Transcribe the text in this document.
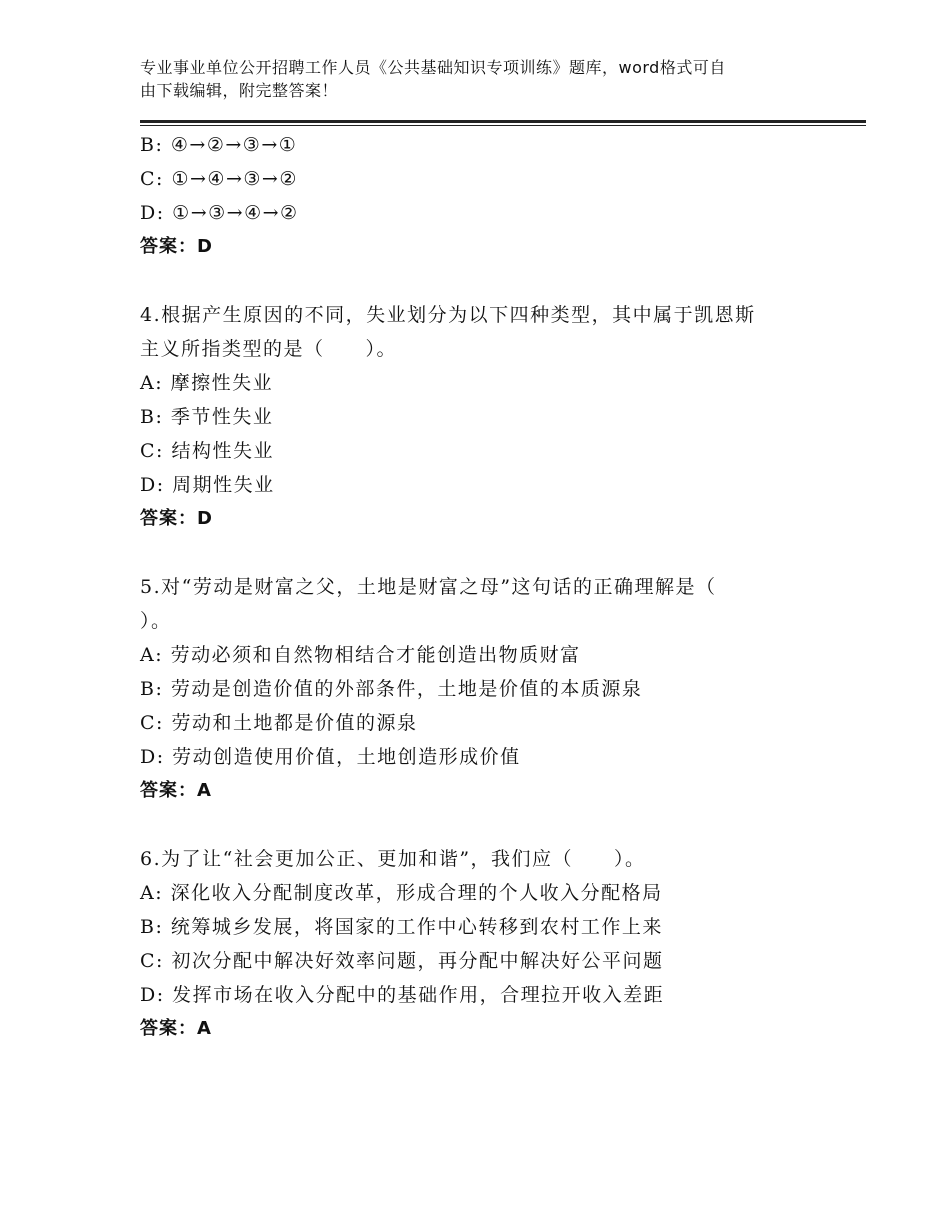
专业事业单位公开招聘工作人员《公共基础知识专项训练》题库，word格式可自
由下载编辑，附完整答案！
B: ④→②→③→①
C: ①→④→③→②
D: ①→③→④→②
答案：D
4.根据产生原因的不同，失业划分为以下四种类型，其中属于凯恩斯
主义所指类型的是（　　）。
A: 摩擦性失业
B: 季节性失业
C: 结构性失业
D: 周期性失业
答案：D
5.对“劳动是财富之父，土地是财富之母”这句话的正确理解是（
）。
A: 劳动必须和自然物相结合才能创造出物质财富
B: 劳动是创造价值的外部条件，土地是价值的本质源泉
C: 劳动和土地都是价值的源泉
D: 劳动创造使用价值，土地创造形成价值
答案：A
6.为了让“社会更加公正、更加和谐”，我们应（　　）。
A: 深化收入分配制度改革，形成合理的个人收入分配格局
B: 统筹城乡发展，将国家的工作中心转移到农村工作上来
C: 初次分配中解决好效率问题，再分配中解决好公平问题
D: 发挥市场在收入分配中的基础作用，合理拉开收入差距
答案：A
